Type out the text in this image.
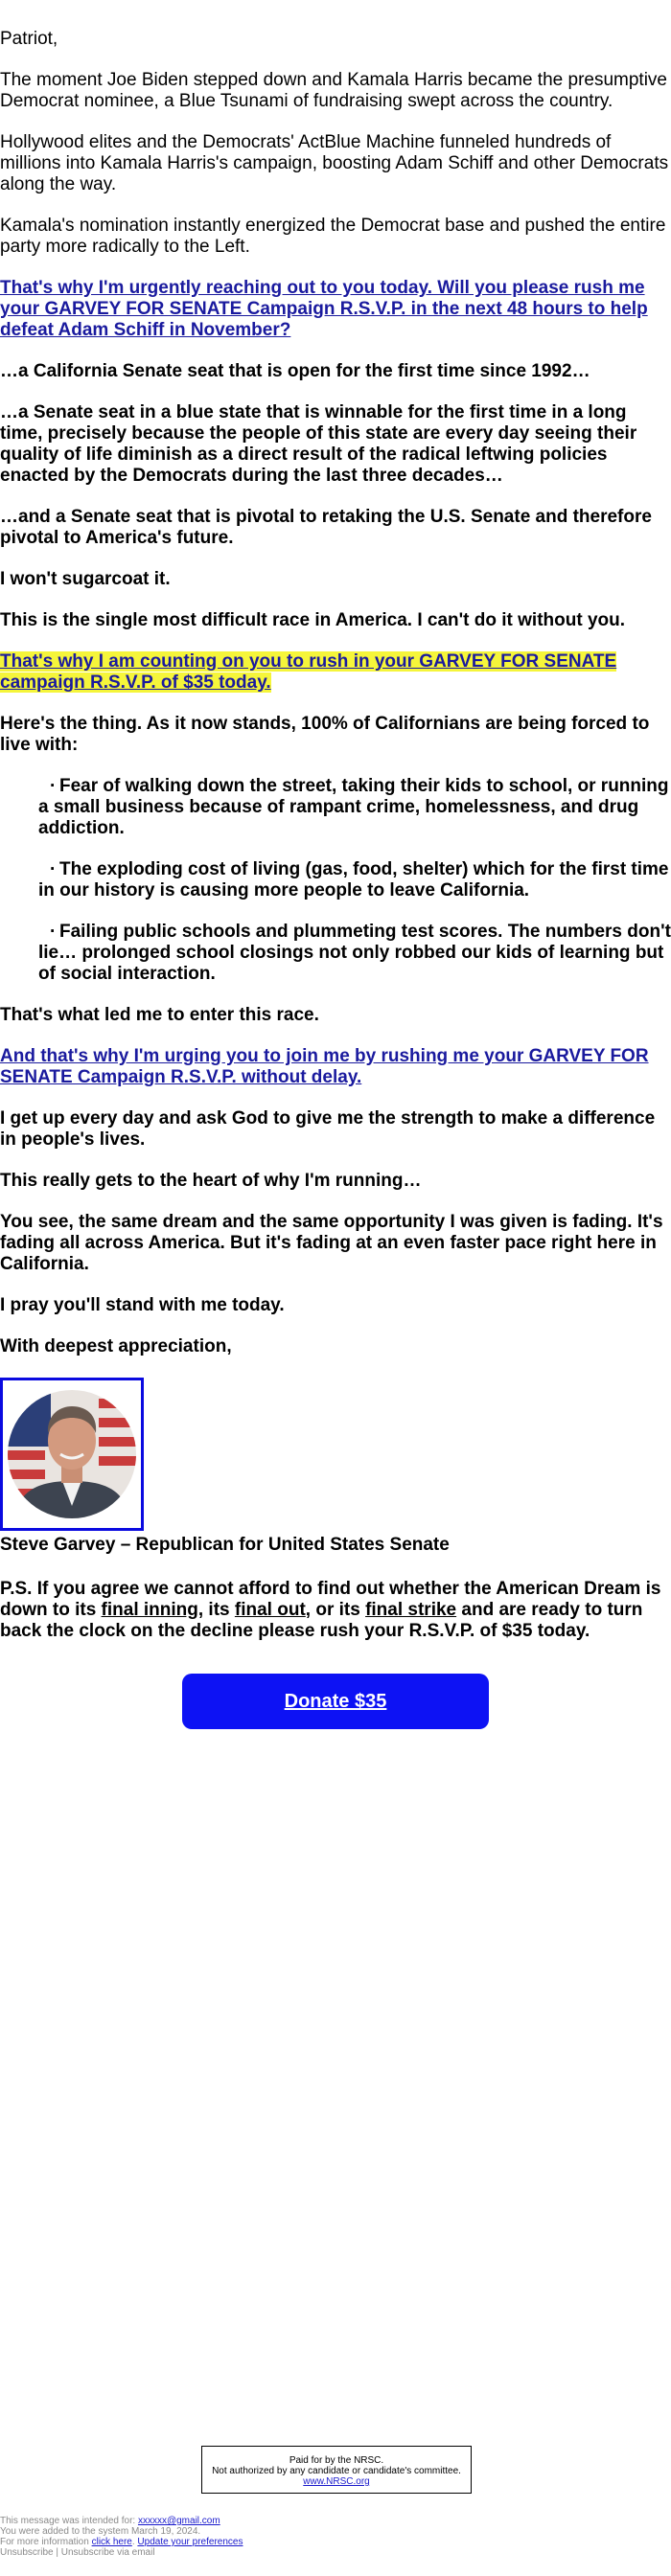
Patriot,

The moment Joe Biden stepped down and Kamala Harris became the presumptive Democrat nominee, a Blue Tsunami of fundraising swept across the country.

Hollywood elites and the Democrats' ActBlue Machine funneled hundreds of millions into Kamala Harris's campaign, boosting Adam Schiff and other Democrats along the way.

Kamala's nomination instantly energized the Democrat base and pushed the entire party more radically to the Left.

That's why I'm urgently reaching out to you today. Will you please rush me your GARVEY FOR SENATE Campaign R.S.V.P. in the next 48 hours to help defeat Adam Schiff in November?

…a California Senate seat that is open for the first time since 1992…

…a Senate seat in a blue state that is winnable for the first time in a long time, precisely because the people of this state are every day seeing their quality of life diminish as a direct result of the radical leftwing policies enacted by the Democrats during the last three decades…

…and a Senate seat that is pivotal to retaking the U.S. Senate and therefore pivotal to America's future.

I won't sugarcoat it.

This is the single most difficult race in America. I can't do it without you.

That's why I am counting on you to rush in your GARVEY FOR SENATE campaign R.S.V.P. of $35 today.

Here's the thing. As it now stands, 100% of Californians are being forced to live with:

· Fear of walking down the street, taking their kids to school, or running a small business because of rampant crime, homelessness, and drug addiction.
· The exploding cost of living (gas, food, shelter) which for the first time in our history is causing more people to leave California.
· Failing public schools and plummeting test scores. The numbers don't lie… prolonged school closings not only robbed our kids of learning but of social interaction.

That's what led me to enter this race.

And that's why I'm urging you to join me by rushing me your GARVEY FOR SENATE Campaign R.S.V.P. without delay.

I get up every day and ask God to give me the strength to make a difference in people's lives.

This really gets to the heart of why I'm running…

You see, the same dream and the same opportunity I was given is fading. It's fading all across America. But it's fading at an even faster pace right here in California.

I pray you'll stand with me today.

With deepest appreciation,

Steve Garvey – Republican for United States Senate

P.S. If you agree we cannot afford to find out whether the American Dream is down to its final inning, its final out, or its final strike and are ready to turn back the clock on the decline please rush your R.S.V.P. of $35 today.

Donate $35
Paid for by the NRSC.
Not authorized by any candidate or candidate's committee.
www.NRSC.org
This message was intended for: xxxxxx@gmail.com
You were added to the system March 19, 2024.
For more information click here. Update your preferences
Unsubscribe | Unsubscribe via email
